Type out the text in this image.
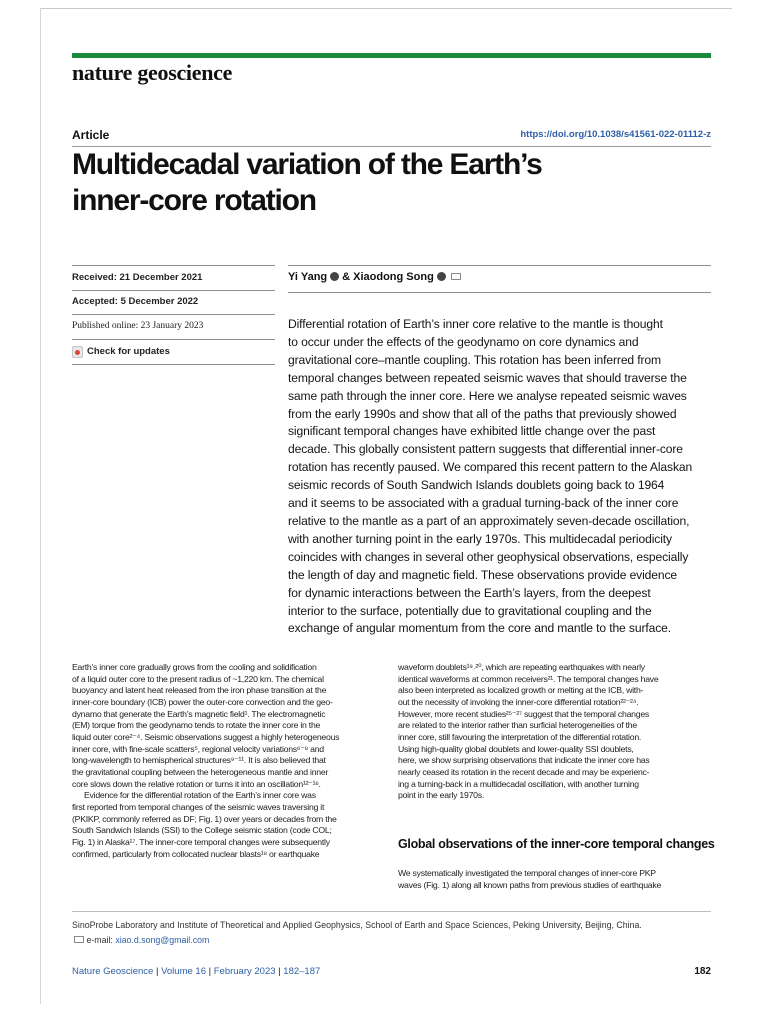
nature geoscience
Article	https://doi.org/10.1038/s41561-022-01112-z
Multidecadal variation of the Earth’s
inner-core rotation
Received: 21 December 2021
Accepted: 5 December 2022
Published online: 23 January 2023
Check for updates
Yi Yang & Xiaodong Song

Differential rotation of Earth’s inner core relative to the mantle is thought
to occur under the effects of the geodynamo on core dynamics and
gravitational core–mantle coupling. This rotation has been inferred from
temporal changes between repeated seismic waves that should traverse the
same path through the inner core. Here we analyse repeated seismic waves
from the early 1990s and show that all of the paths that previously showed
significant temporal changes have exhibited little change over the past
decade. This globally consistent pattern suggests that differential inner-core
rotation has recently paused. We compared this recent pattern to the Alaskan
seismic records of South Sandwich Islands doublets going back to 1964
and it seems to be associated with a gradual turning-back of the inner core
relative to the mantle as a part of an approximately seven-decade oscillation,
with another turning point in the early 1970s. This multidecadal periodicity
coincides with changes in several other geophysical observations, especially
the length of day and magnetic field. These observations provide evidence
for dynamic interactions between the Earth’s layers, from the deepest
interior to the surface, potentially due to gravitational coupling and the
exchange of angular momentum from the core and mantle to the surface.

Earth’s inner core gradually grows from the cooling and solidification
of a liquid outer core to the present radius of ~1,220 km. The chemical
buoyancy and latent heat released from the iron phase transition at the
inner-core boundary (ICB) power the outer-core convection and the geo-
dynamo that generate the Earth’s magnetic field¹. The electromagnetic
(EM) torque from the geodynamo tends to rotate the inner core in the
liquid outer core²⁻⁴. Seismic observations suggest a highly heterogeneous
inner core, with fine-scale scatters⁵, regional velocity variations⁶⁻⁸ and
long-wavelength to hemispherical structures⁹⁻¹¹. It is also believed that
the gravitational coupling between the heterogeneous mantle and inner
core slows down the relative rotation or turns it into an oscillation¹²⁻¹⁶.
Evidence for the differential rotation of the Earth’s inner core was
first reported from temporal changes of the seismic waves traversing it
(PKIKP, commonly referred as DF; Fig. 1) over years or decades from the
South Sandwich Islands (SSI) to the College seismic station (code COL;
Fig. 1) in Alaska¹⁷. The inner-core temporal changes were subsequently
confirmed, particularly from collocated nuclear blasts¹⁸ or earthquake

waveform doublets¹⁹˒²⁰, which are repeating earthquakes with nearly
identical waveforms at common receivers²¹. The temporal changes have
also been interpreted as localized growth or melting at the ICB, with-
out the necessity of invoking the inner-core differential rotation²²⁻²⁴.
However, more recent studies²⁵⁻²⁷ suggest that the temporal changes
are related to the interior rather than surficial heterogeneities of the
inner core, still favouring the interpretation of the differential rotation.
Using high-quality global doublets and lower-quality SSI doublets,
here, we show surprising observations that indicate the inner core has
nearly ceased its rotation in the recent decade and may be experienc-
ing a turning-back in a multidecadal oscillation, with another turning
point in the early 1970s.

Global observations of the inner-core temporal changes

We systematically investigated the temporal changes of inner-core PKP
waves (Fig. 1) along all known paths from previous studies of earthquake

SinoProbe Laboratory and Institute of Theoretical and Applied Geophysics, School of Earth and Space Sciences, Peking University, Beijing, China.
e-mail: xiao.d.song@gmail.com
Nature Geoscience | Volume 16 | February 2023 | 182–187	182
